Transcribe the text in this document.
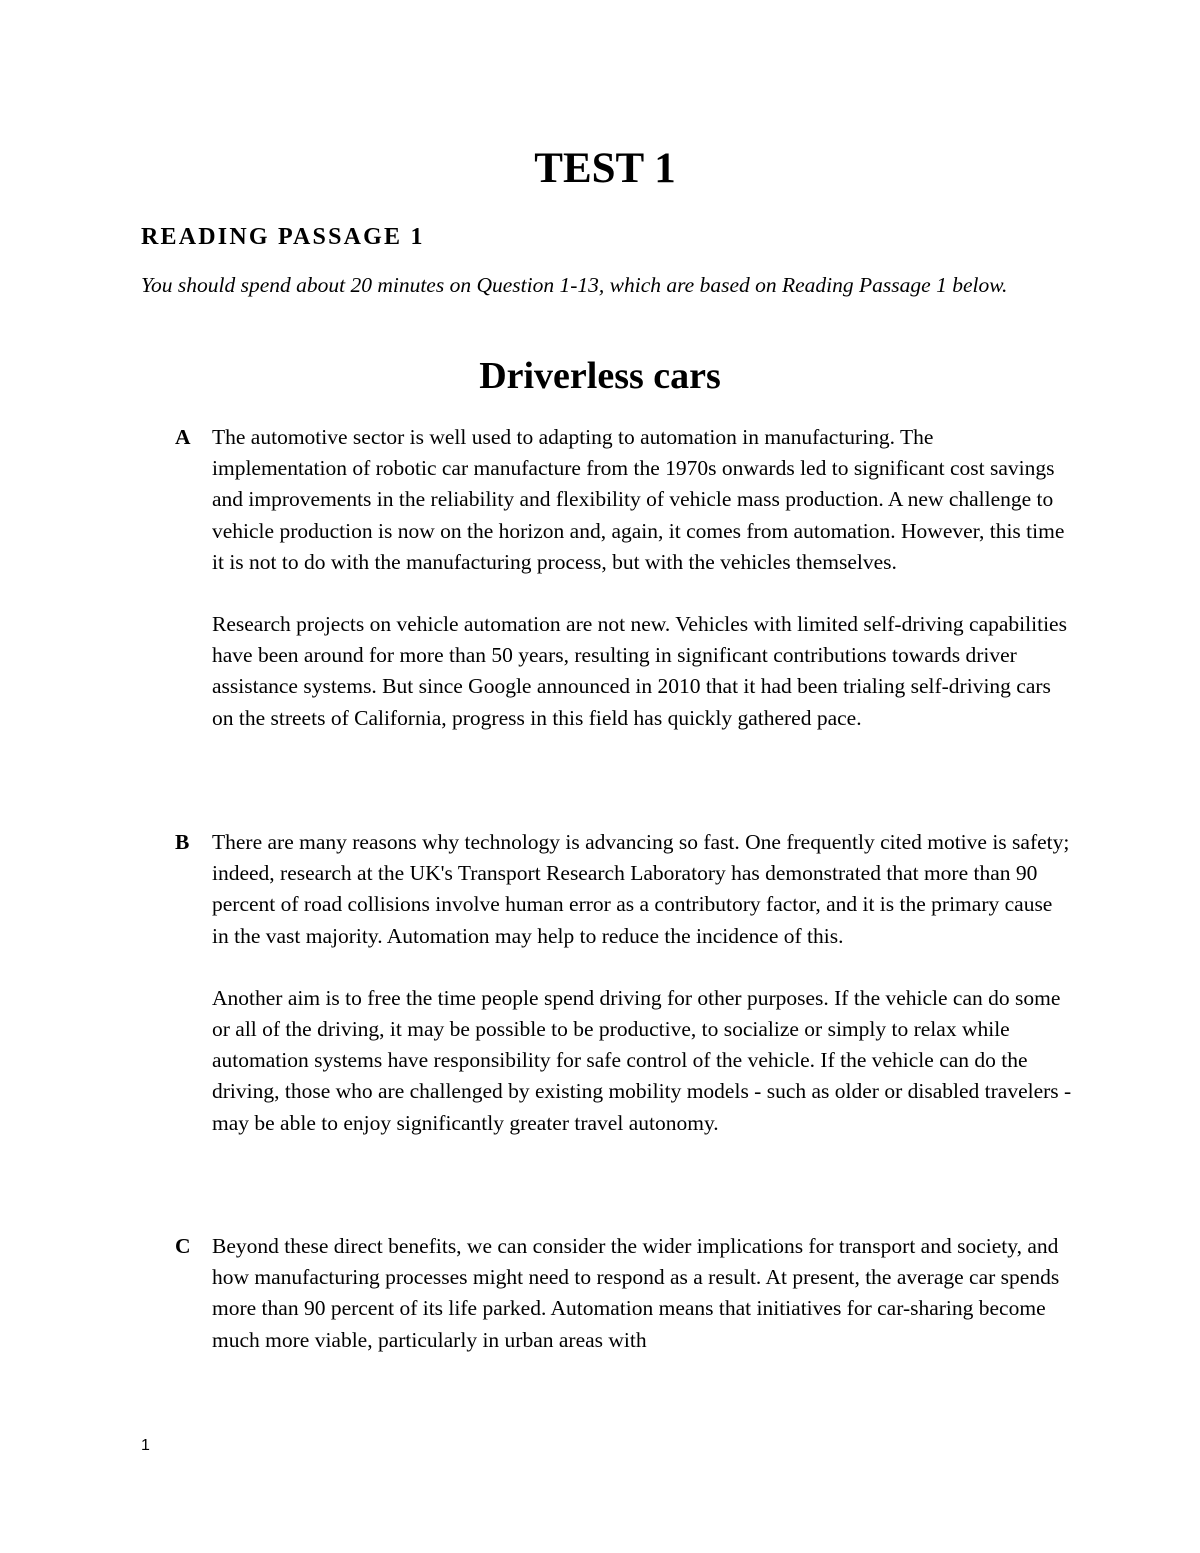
TEST 1
READING PASSAGE 1

You should spend about 20 minutes on Question 1-13, which are based on Reading Passage 1 below.

Driverless cars
A The automotive sector is well used to adapting to automation in manufacturing. The implementation of robotic car manufacture from the 1970s onwards led to significant cost savings and improvements in the reliability and flexibility of vehicle mass production. A new challenge to vehicle production is now on the horizon and, again, it comes from automation. However, this time it is not to do with the manufacturing process, but with the vehicles themselves.

Research projects on vehicle automation are not new. Vehicles with limited self-driving capabilities have been around for more than 50 years, resulting in significant contributions towards driver assistance systems. But since Google announced in 2010 that it had been trialing self-driving cars on the streets of California, progress in this field has quickly gathered pace.

B There are many reasons why technology is advancing so fast. One frequently cited motive is safety; indeed, research at the UK's Transport Research Laboratory has demonstrated that more than 90 percent of road collisions involve human error as a contributory factor, and it is the primary cause in the vast majority. Automation may help to reduce the incidence of this.

Another aim is to free the time people spend driving for other purposes. If the vehicle can do some or all of the driving, it may be possible to be productive, to socialize or simply to relax while automation systems have responsibility for safe control of the vehicle. If the vehicle can do the driving, those who are challenged by existing mobility models - such as older or disabled travelers - may be able to enjoy significantly greater travel autonomy.

C Beyond these direct benefits, we can consider the wider implications for transport and society, and how manufacturing processes might need to respond as a result. At present, the average car spends more than 90 percent of its life parked. Automation means that initiatives for car-sharing become much more viable, particularly in urban areas with

1
